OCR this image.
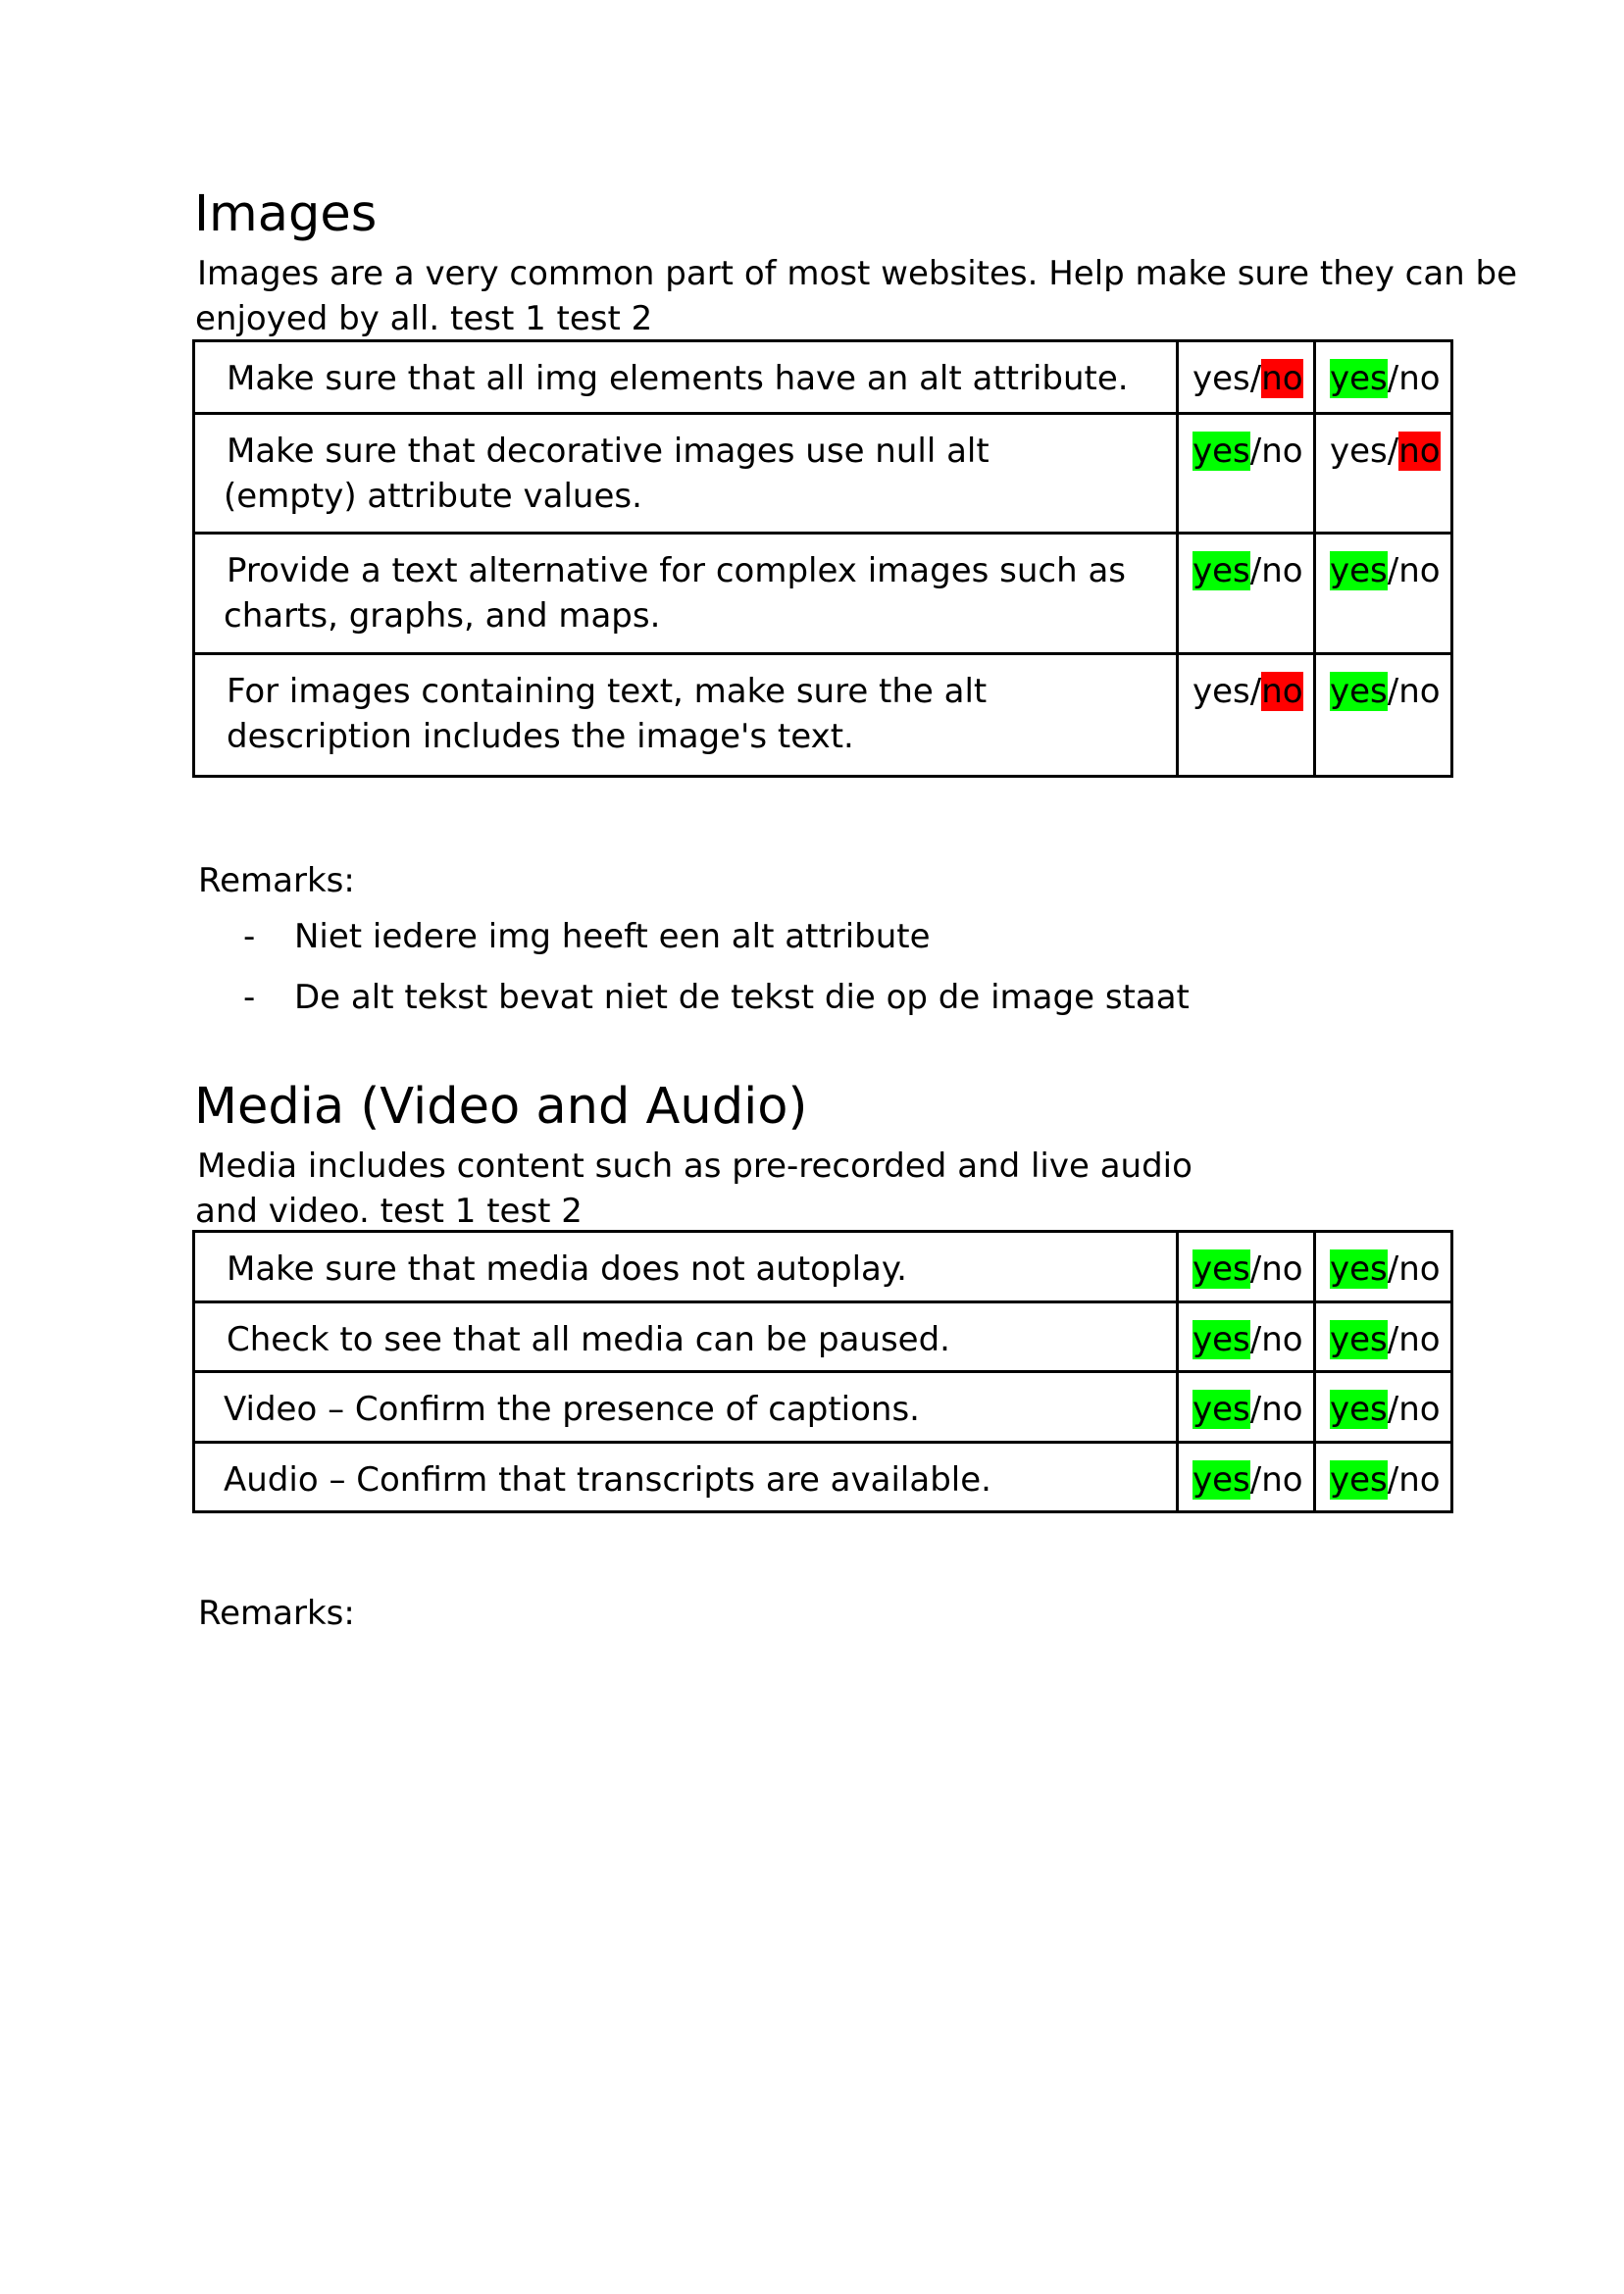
Images

Images are a very common part of most websites. Help make sure they can be
enjoyed by all. test 1 test 2

Make sure that all img elements have an alt attribute.	yes/no	yes/no

Make sure that decorative images use null alt
(empty) attribute values.	yes/no	yes/no

Provide a text alternative for complex images such as
charts, graphs, and maps.	yes/no	yes/no

For images containing text, make sure the alt
description includes the image's text.	yes/no	yes/no

Remarks:

- Niet iedere img heeft een alt attribute
- De alt tekst bevat niet de tekst die op de image staat
Media (Video and Audio)

Media includes content such as pre-recorded and live audio
and video. test 1 test 2

Make sure that media does not autoplay.	yes/no	yes/no

Check to see that all media can be paused.	yes/no	yes/no

Video – Confirm the presence of captions.	yes/no	yes/no

Audio – Confirm that transcripts are available.	yes/no	yes/no

Remarks:
